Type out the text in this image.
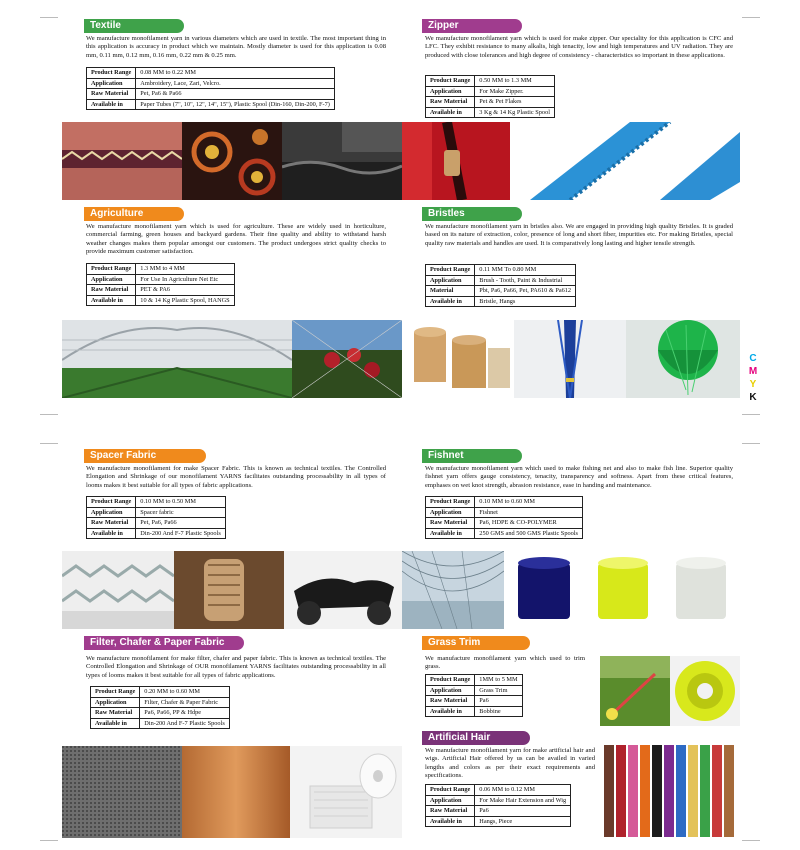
C
M
Y
K
Textile
We manufacture monofilament yarn in various diameters which are used in textile. The most important thing in this application is accuracy in product which we maintain. Mostly diameter is used for this application is 0.08 mm, 0.11 mm, 0.12 mm, 0.16 mm, 0.22 mm & 0.25 mm.
Product Range	0.08 MM to 0.22 MM
Application	Ambroidery, Lace, Zari, Velcro.
Raw Material	Pet, Pa6 & Pa66
Available in	Paper Tubes (7", 10", 12", 14", 15"), Plastic Spool (Din-160, Din-200, F-7)
Zipper
We manufacture monofilament yarn which is used for make zipper. Our speciality for this application is CFC and LFC. They exhibit resistance to many alkalis, high tenacity, low and high temperatures and UV radiation. They are produced with close tolerances and high degree of consistency - characteristics so important in these applications.
Product Range	0.50 MM to 1.3 MM
Application	For Make Zipper.
Raw Material	Pet & Pet Flakes
Available in	3 Kg & 14 Kg Plastic Spool
Agriculture
We manufacture monofilament yarn which is used for agriculture. These are widely used in horticulture, commercial farming, green houses and backyard gardens. Their fine quality and ability to withstand harsh weather changes makes them popular amongst our customers. The product undergoes strict quality checks to provide maximum customer satisfaction.
Product Range	1.3 MM to 4 MM
Application	For Use In Agriculture Net Etc
Raw Material	PET & PA6
Available in	10 & 14 Kg Plastic Spool, HANGS
Bristles
We manufacture monofilament yarn in bristles also. We are engaged in providing high quality Bristles. It is graded based on its nature of extraction, color, presence of long and short fiber, impurities etc. For making Bristles, special quality raw materials and handles are used. It is comparatively long lasting and higher tensile strength.
Product Range	0.11 MM To 0.80 MM
Application	Brush - Tooth, Paint & Industrial
Material	Pbt, Pa6, Pa66, Pet, PA610 & Pa612
Available in	Bristle, Hangs
Spacer Fabric
We manufacture monofilament for make Spacer Fabric. This is known as technical textiles. The Controlled Elongation and Shrinkage of our monofilament YARNS facilitates outstanding processability in all types of looms makes it best suitable for all types of fabric applications.
Product Range	0.10 MM to 0.50 MM
Application	Spacer fabric
Raw Material	Pet, Pa6, Pa66
Available in	Din-200 And F-7 Plastic Spools
Fishnet
We manufacture monofilament yarn which used to make fishing net and also to make fish line. Superior quality fishnet yarn offers gauge consistency, tenacity, transparency and softness. Apart from these critical features, emphases on wet knot strength, abrasion resistance, ease in handing and maintenance.
Product Range	0.10 MM to 0.60 MM
Application	Fishnet
Raw Material	Pa6, HDPE & CO-POLYMER
Available in	250 GMS and 500 GMS Plastic Spools
Filter, Chafer & Paper Fabric
We manufacture monofilament for make filter, chafer and paper fabric. This is known as technical textiles. The Controlled Elongation and Shrinkage of OUR monofilament YARNS facilitates outstanding processability in all types of looms makes it best suitable for all types of fabric applications.
Product Range	0.20 MM to 0.60 MM
Application	Filter, Chafer & Paper Fabric
Raw Material	Pa6, Pa66, PP & Hdpe
Available in	Din-200 And F-7 Plastic Spools
Grass Trim
We manufacture monofilament yarn which used to trim grass.
Product Range	1MM to 5 MM
Application	Grass Trim
Raw Material	Pa6
Available in	Bobbine
Artificial Hair
We manufacture monofilament yarn for make artificial hair and wigs. Artificial Hair offered by us can be availed in varied lengths and colors as per their exact requirements and specifications.
Product Range	0.06 MM to 0.12 MM
Application	For Make Hair Extension and Wig
Raw Material	Pa6
Available in	Hangs, Piece
